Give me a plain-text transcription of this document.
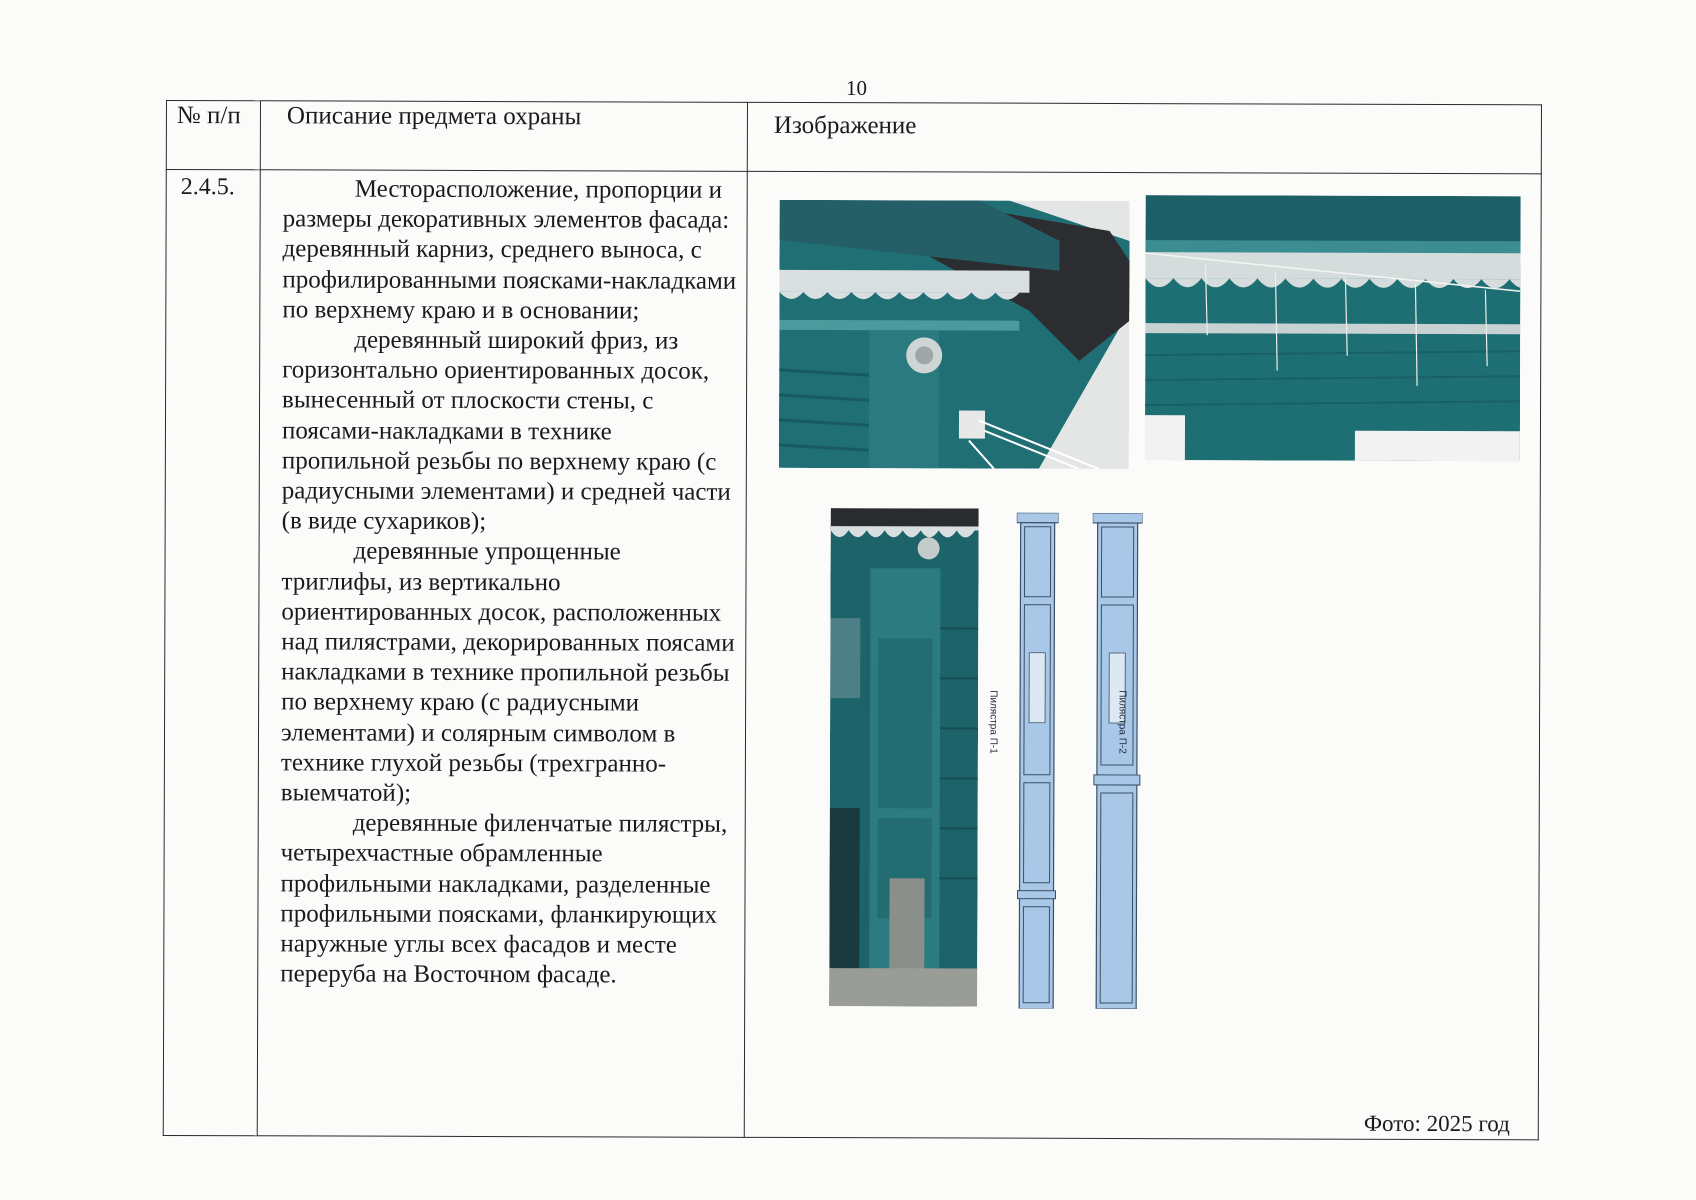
10
№ п/п	Описание предмета охраны	Изображение
2.4.5.	Месторасположение, пропорции и размеры декоративных элементов фасада: деревянный карниз, среднего выноса, с профилированными поясками-накладками по верхнему краю и в основании;

деревянный широкий фриз, из горизонтально ориентированных досок, вынесенный от плоскости стены, с поясами-накладками в технике пропильной резьбы по верхнему краю (с радиусными элементами) и средней части (в виде сухариков);

деревянные упрощенные триглифы, из вертикально ориентированных досок, расположенных над пилястрами, декорированных поясами накладками в технике пропильной резьбы по верхнему краю (с радиусными элементами) и солярным символом в технике глухой резьбы (трехгранно-выемчатой);

деревянные филенчатые пилястры, четырехчастные обрамленные профильными накладками, разделенные профильными поясками, фланкирующих наружные углы всех фасадов и месте переруба на Восточном фасаде.	Фото: 2025 год
Пилястра П-1	Пилястра П-2
